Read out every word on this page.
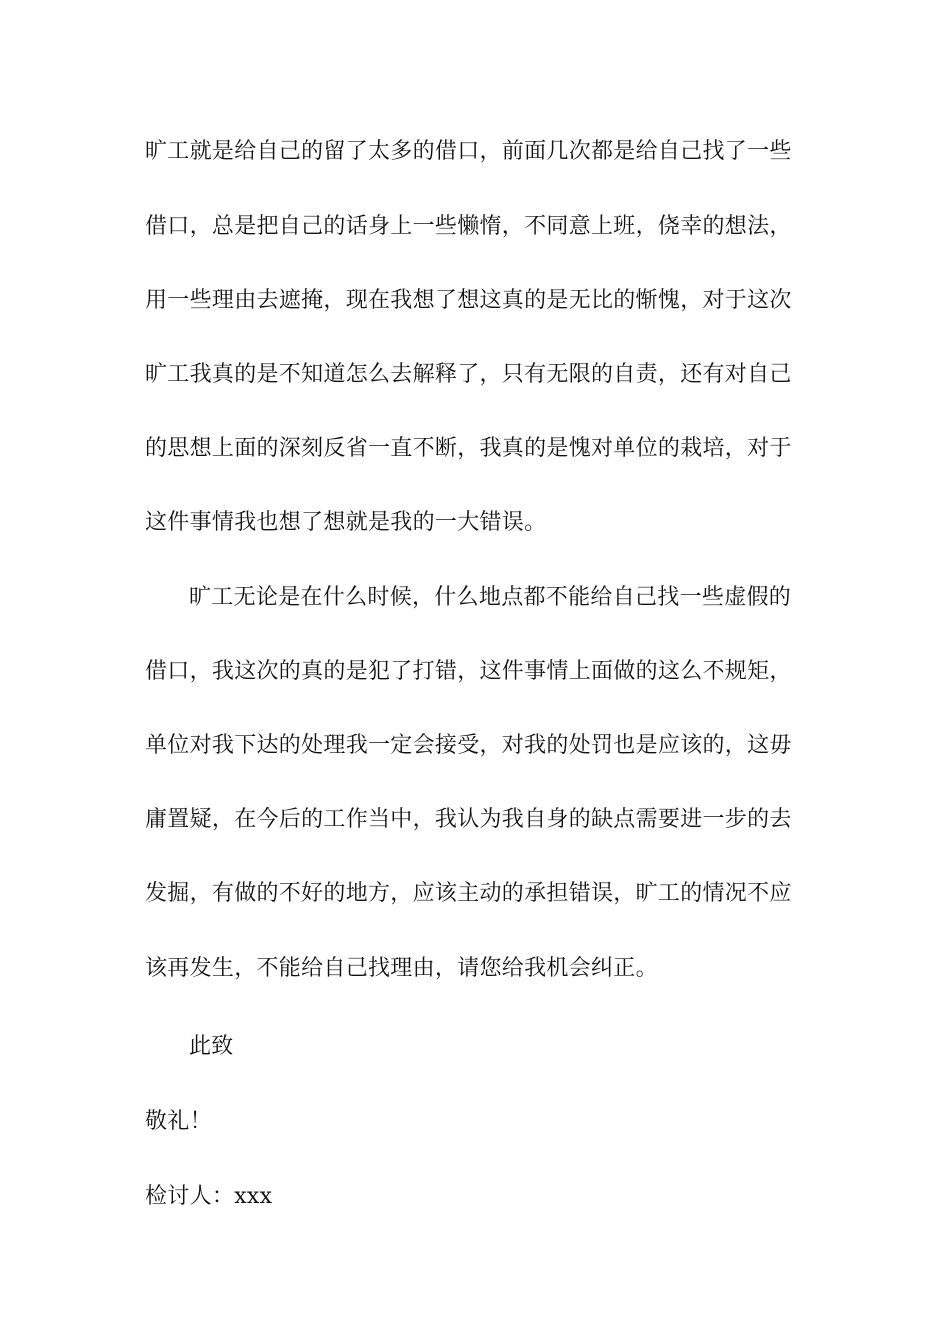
旷工就是给自己的留了太多的借口，前面几次都是给自己找了一些
借口，总是把自己的话身上一些懒惰，不同意上班，侥幸的想法，
用一些理由去遮掩，现在我想了想这真的是无比的惭愧，对于这次
旷工我真的是不知道怎么去解释了，只有无限的自责，还有对自己
的思想上面的深刻反省一直不断，我真的是愧对单位的栽培，对于
这件事情我也想了想就是我的一大错误。
旷工无论是在什么时候，什么地点都不能给自己找一些虚假的
借口，我这次的真的是犯了打错，这件事情上面做的这么不规矩，
单位对我下达的处理我一定会接受，对我的处罚也是应该的，这毋
庸置疑，在今后的工作当中，我认为我自身的缺点需要进一步的去
发掘，有做的不好的地方，应该主动的承担错误，旷工的情况不应
该再发生，不能给自己找理由，请您给我机会纠正。
此致
敬礼！
检讨人：xxx
